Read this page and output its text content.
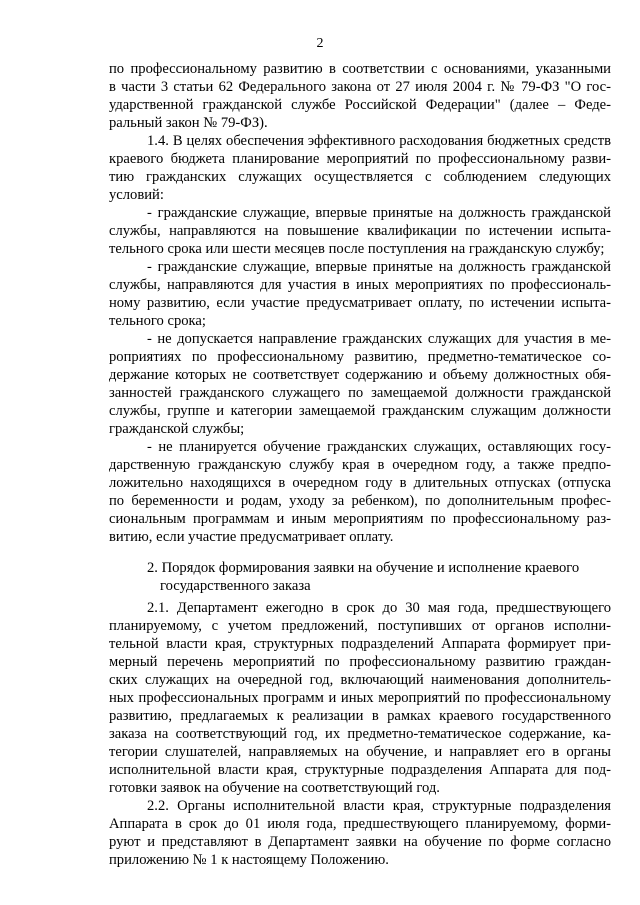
2
по профессиональному развитию в соответствии с основаниями, указанными
в части 3 статьи 62 Федерального закона от 27 июля 2004 г. № 79-ФЗ "О гос-
ударственной гражданской службе Российской Федерации" (далее – Феде-
ральный закон № 79-ФЗ).
1.4. В целях обеспечения эффективного расходования бюджетных средств
краевого бюджета планирование мероприятий по профессиональному разви-
тию гражданских служащих осуществляется с соблюдением следующих
условий:
- гражданские служащие, впервые принятые на должность гражданской
службы, направляются на повышение квалификации по истечении испыта-
тельного срока или шести месяцев после поступления на гражданскую службу;
- гражданские служащие, впервые принятые на должность гражданской
службы, направляются для участия в иных мероприятиях по профессиональ-
ному развитию, если участие предусматривает оплату, по истечении испыта-
тельного срока;
- не допускается направление гражданских служащих для участия в ме-
роприятиях по профессиональному развитию, предметно-тематическое со-
держание которых не соответствует содержанию и объему должностных обя-
занностей гражданского служащего по замещаемой должности гражданской
службы, группе и категории замещаемой гражданским служащим должности
гражданской службы;
- не планируется обучение гражданских служащих, оставляющих госу-
дарственную гражданскую службу края в очередном году, а также предпо-
ложительно находящихся в очередном году в длительных отпусках (отпуска
по беременности и родам, уходу за ребенком), по дополнительным профес-
сиональным программам и иным мероприятиям по профессиональному раз-
витию, если участие предусматривает оплату.
2. Порядок формирования заявки на обучение и исполнение краевого
государственного заказа
2.1. Департамент ежегодно в срок до 30 мая года, предшествующего
планируемому, с учетом предложений, поступивших от органов исполни-
тельной власти края, структурных подразделений Аппарата формирует при-
мерный перечень мероприятий по профессиональному развитию граждан-
ских служащих на очередной год, включающий наименования дополнитель-
ных профессиональных программ и иных мероприятий по профессиональному
развитию, предлагаемых к реализации в рамках краевого государственного
заказа на соответствующий год, их предметно-тематическое содержание, ка-
тегории слушателей, направляемых на обучение, и направляет его в органы
исполнительной власти края, структурные подразделения Аппарата для под-
готовки заявок на обучение на соответствующий год.
2.2. Органы исполнительной власти края, структурные подразделения
Аппарата в срок до 01 июля года, предшествующего планируемому, форми-
руют и представляют в Департамент заявки на обучение по форме согласно
приложению № 1 к настоящему Положению.
